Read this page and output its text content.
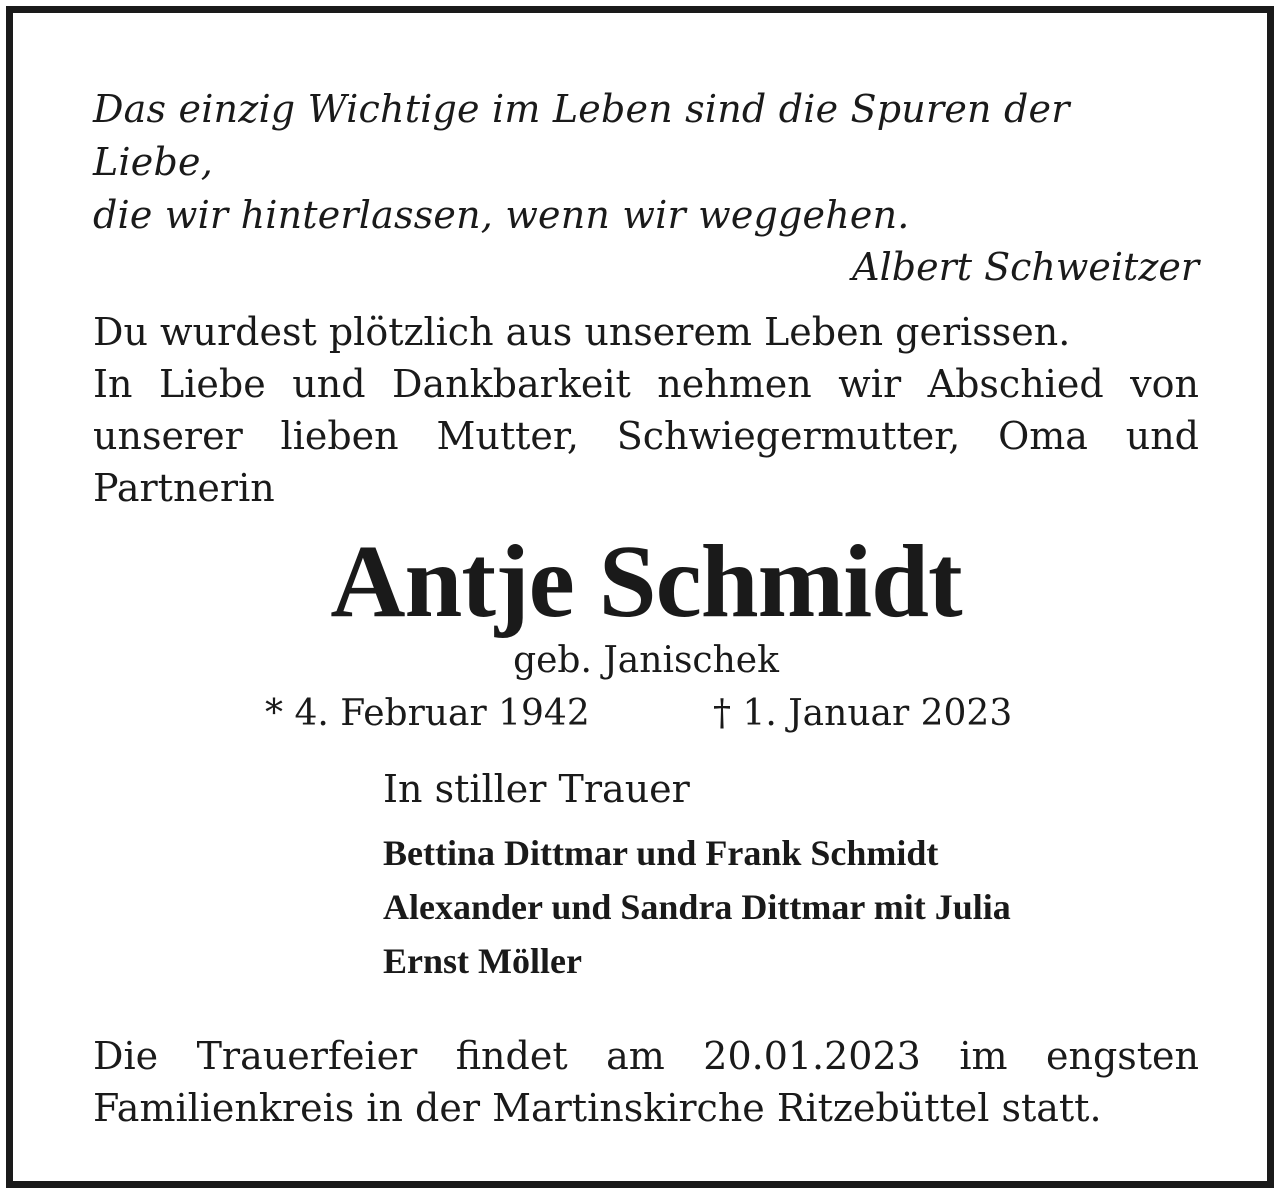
Das einzig Wichtige im Leben sind die Spuren der Liebe,

die wir hinterlassen, wenn wir weggehen.

Albert Schweitzer

Du wurdest plötzlich aus unserem Leben gerissen.

In Liebe und Dankbarkeit nehmen wir Abschied von unserer lieben Mutter, Schwiegermutter, Oma und Partnerin

Antje Schmidt

geb. Janischek

* 4. Februar 1942	† 1. Januar 2023

In stiller Trauer

Bettina Dittmar und Frank Schmidt
Alexander und Sandra Dittmar mit Julia
Ernst Möller

Die Trauerfeier findet am 20.01.2023 im engsten Familienkreis in der Martinskirche Ritzebüttel statt.
